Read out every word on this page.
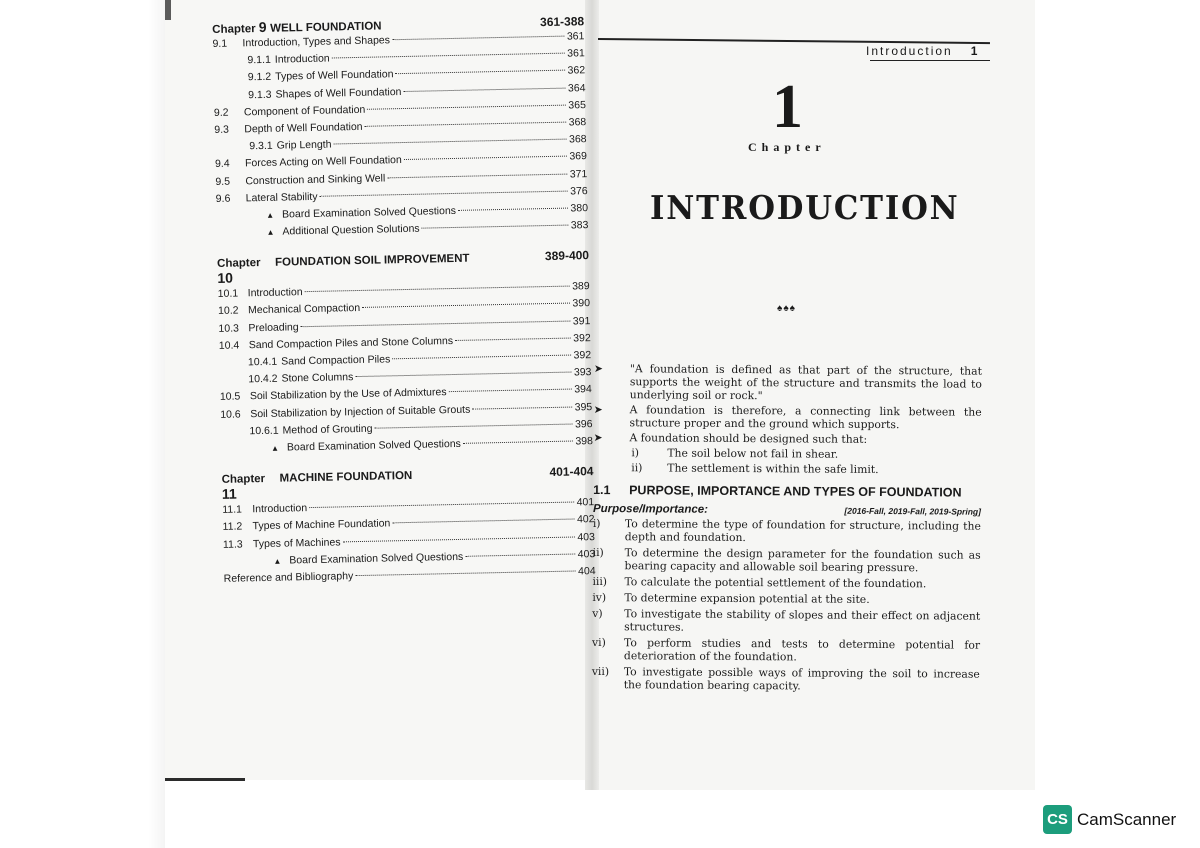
Chapter 9 WELL FOUNDATION	361-388
9.1	Introduction, Types and Shapes	361
9.1.1 Introduction	361
9.1.2 Types of Well Foundation	362
9.1.3 Shapes of Well Foundation	364
9.2	Component of Foundation	365
9.3	Depth of Well Foundation	368
9.3.1 Grip Length	368
9.4	Forces Acting on Well Foundation	369
9.5	Construction and Sinking Well	371
9.6	Lateral Stability	376
▲ Board Examination Solved Questions	380
▲ Additional Question Solutions	383
Chapter 10
FOUNDATION SOIL IMPROVEMENT	389-400
10.1 Introduction	389
10.2 Mechanical Compaction	390
10.3 Preloading	391
10.4 Sand Compaction Piles and Stone Columns	392
10.4.1 Sand Compaction Piles	392
10.4.2 Stone Columns	393
10.5 Soil Stabilization by the Use of Admixtures	394
10.6 Soil Stabilization by Injection of Suitable Grouts	395
10.6.1 Method of Grouting	396
▲ Board Examination Solved Questions	398
Chapter 11
MACHINE FOUNDATION	401-404
11.1 Introduction	401
11.2 Types of Machine Foundation	402
11.3 Types of Machines	403
▲ Board Examination Solved Questions	403
Reference and Bibliography	404
Introduction 1
1
Chapter
INTRODUCTION
♠♠♠
➤	"A foundation is defined as that part of the structure, that supports the weight of the structure and transmits the load to underlying soil or rock."
➤	A foundation is therefore, a connecting link between the structure proper and the ground which supports.
➤	A foundation should be designed such that:
i)	The soil below not fail in shear.
ii)	The settlement is within the safe limit.
1.1	PURPOSE, IMPORTANCE AND TYPES OF FOUNDATION
Purpose/Importance:	[2016-Fall, 2019-Fall, 2019-Spring]
i)	To determine the type of foundation for structure, including the depth and foundation.
ii)	To determine the design parameter for the foundation such as bearing capacity and allowable soil bearing pressure.
iii)	To calculate the potential settlement of the foundation.
iv)	To determine expansion potential at the site.
v)	To investigate the stability of slopes and their effect on adjacent structures.
vi)	To perform studies and tests to determine potential for deterioration of the foundation.
vii)	To investigate possible ways of improving the soil to increase the foundation bearing capacity.
CS CamScanner
